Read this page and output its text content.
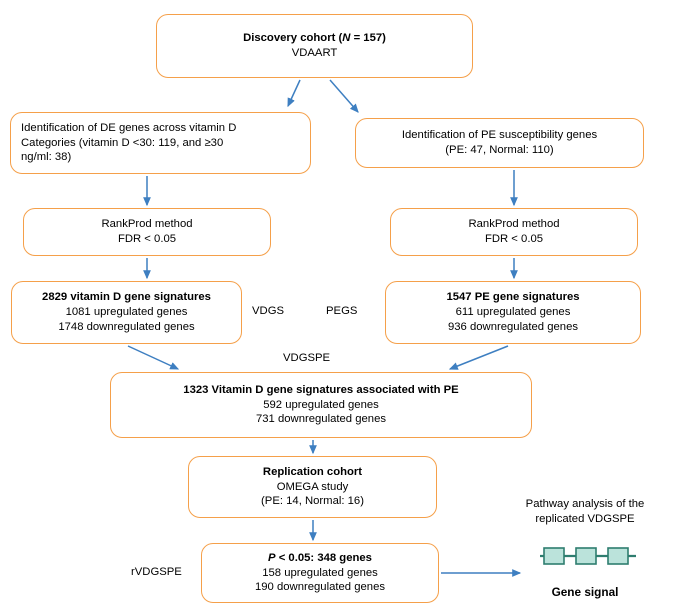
Discovery cohort (N = 157)
VDAART
Identification of DE genes across vitamin D
Categories (vitamin D <30: 119, and ≥30
ng/ml: 38)
Identification of PE susceptibility genes
(PE: 47, Normal: 110)
RankProd method
FDR < 0.05
RankProd method
FDR < 0.05
2829 vitamin D gene signatures
1081 upregulated genes
1748 downregulated genes
1547 PE gene signatures
611 upregulated genes
936 downregulated genes
1323 Vitamin D gene signatures associated with PE
592 upregulated genes
731 downregulated genes
Replication cohort
OMEGA study
(PE: 14, Normal: 16)
P < 0.05: 348 genes
158 upregulated genes
190 downregulated genes
VDGS	PEGS
VDGSPE
rVDGSPE
Pathway analysis of the
replicated VDGSPE
Gene signal
